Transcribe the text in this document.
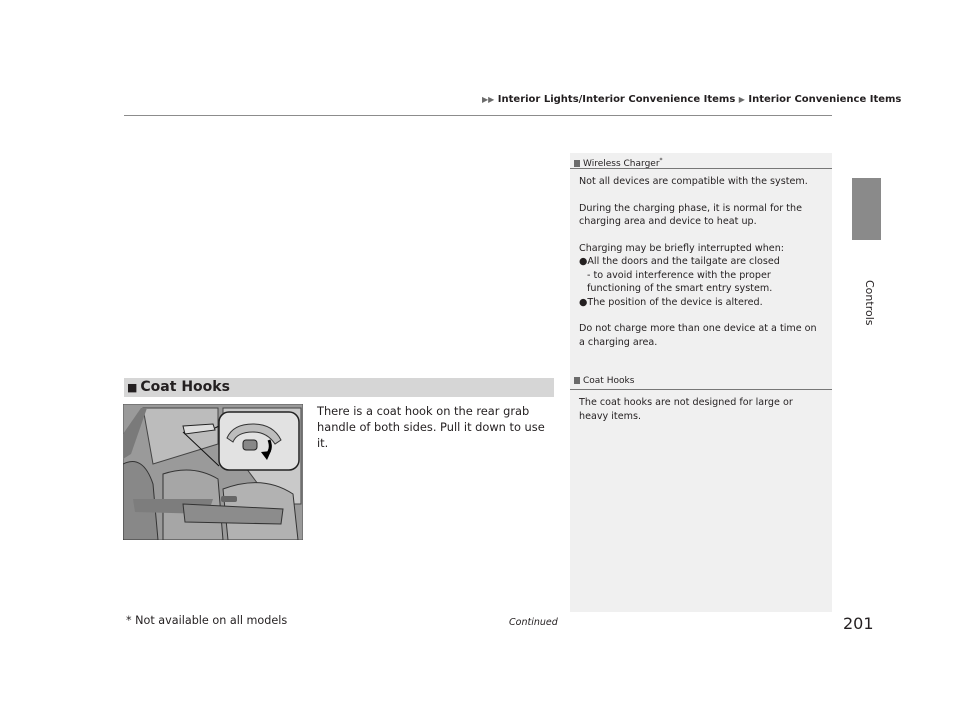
▶▶ Interior Lights/Interior Convenience Items ▶ Interior Convenience Items
Controls
Wireless Charger*

Not all devices are compatible with the system.

During the charging phase, it is normal for the charging area and device to heat up.

Charging may be briefly interrupted when:

●All the doors and the tailgate are closed

- to avoid interference with the proper functioning of the smart entry system.

●The position of the device is altered.

Do not charge more than one device at a time on a charging area.

Coat Hooks

The coat hooks are not designed for large or heavy items.

■ Coat Hooks
There is a coat hook on the rear grab handle of both sides. Pull it down to use it.
* Not available on all models	Continued	201
